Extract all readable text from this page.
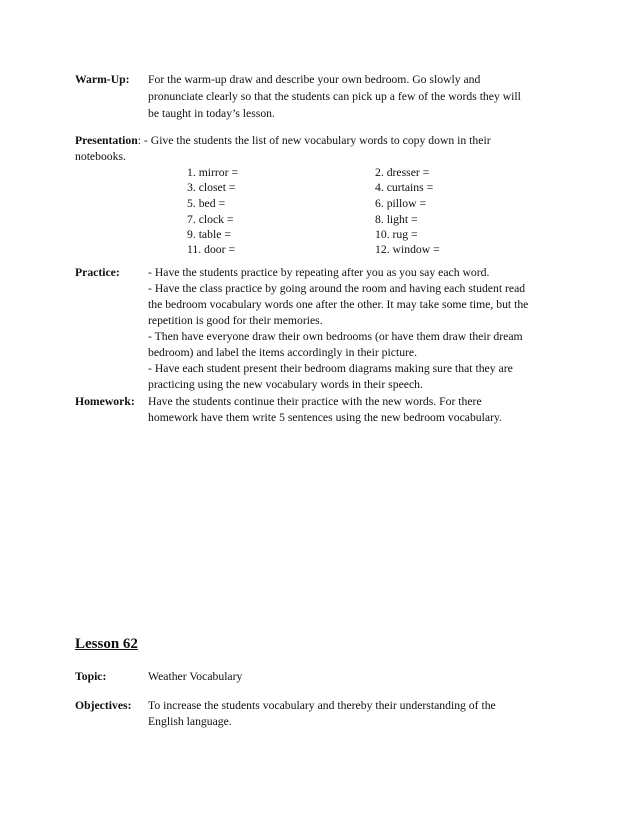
Warm-Up: For the warm-up draw and describe your own bedroom. Go slowly and
pronunciate clearly so that the students can pick up a few of the words they will
be taught in today’s lesson.
Presentation: - Give the students the list of new vocabulary words to copy down in their
notebooks.
1. mirror =	2. dresser =
3. closet =	4. curtains =
5. bed =	6. pillow =
7. clock =	8. light =
9. table =	10. rug =
11. door =	12. window =
Practice: - Have the students practice by repeating after you as you say each word.
- Have the class practice by going around the room and having each student read
the bedroom vocabulary words one after the other. It may take some time, but the
repetition is good for their memories.
- Then have everyone draw their own bedrooms (or have them draw their dream
bedroom) and label the items accordingly in their picture.
- Have each student present their bedroom diagrams making sure that they are
practicing using the new vocabulary words in their speech.
Homework: Have the students continue their practice with the new words. For there
homework have them write 5 sentences using the new bedroom vocabulary.
Lesson 62
Topic:	Weather Vocabulary
Objectives: To increase the students vocabulary and thereby their understanding of the
English language.
